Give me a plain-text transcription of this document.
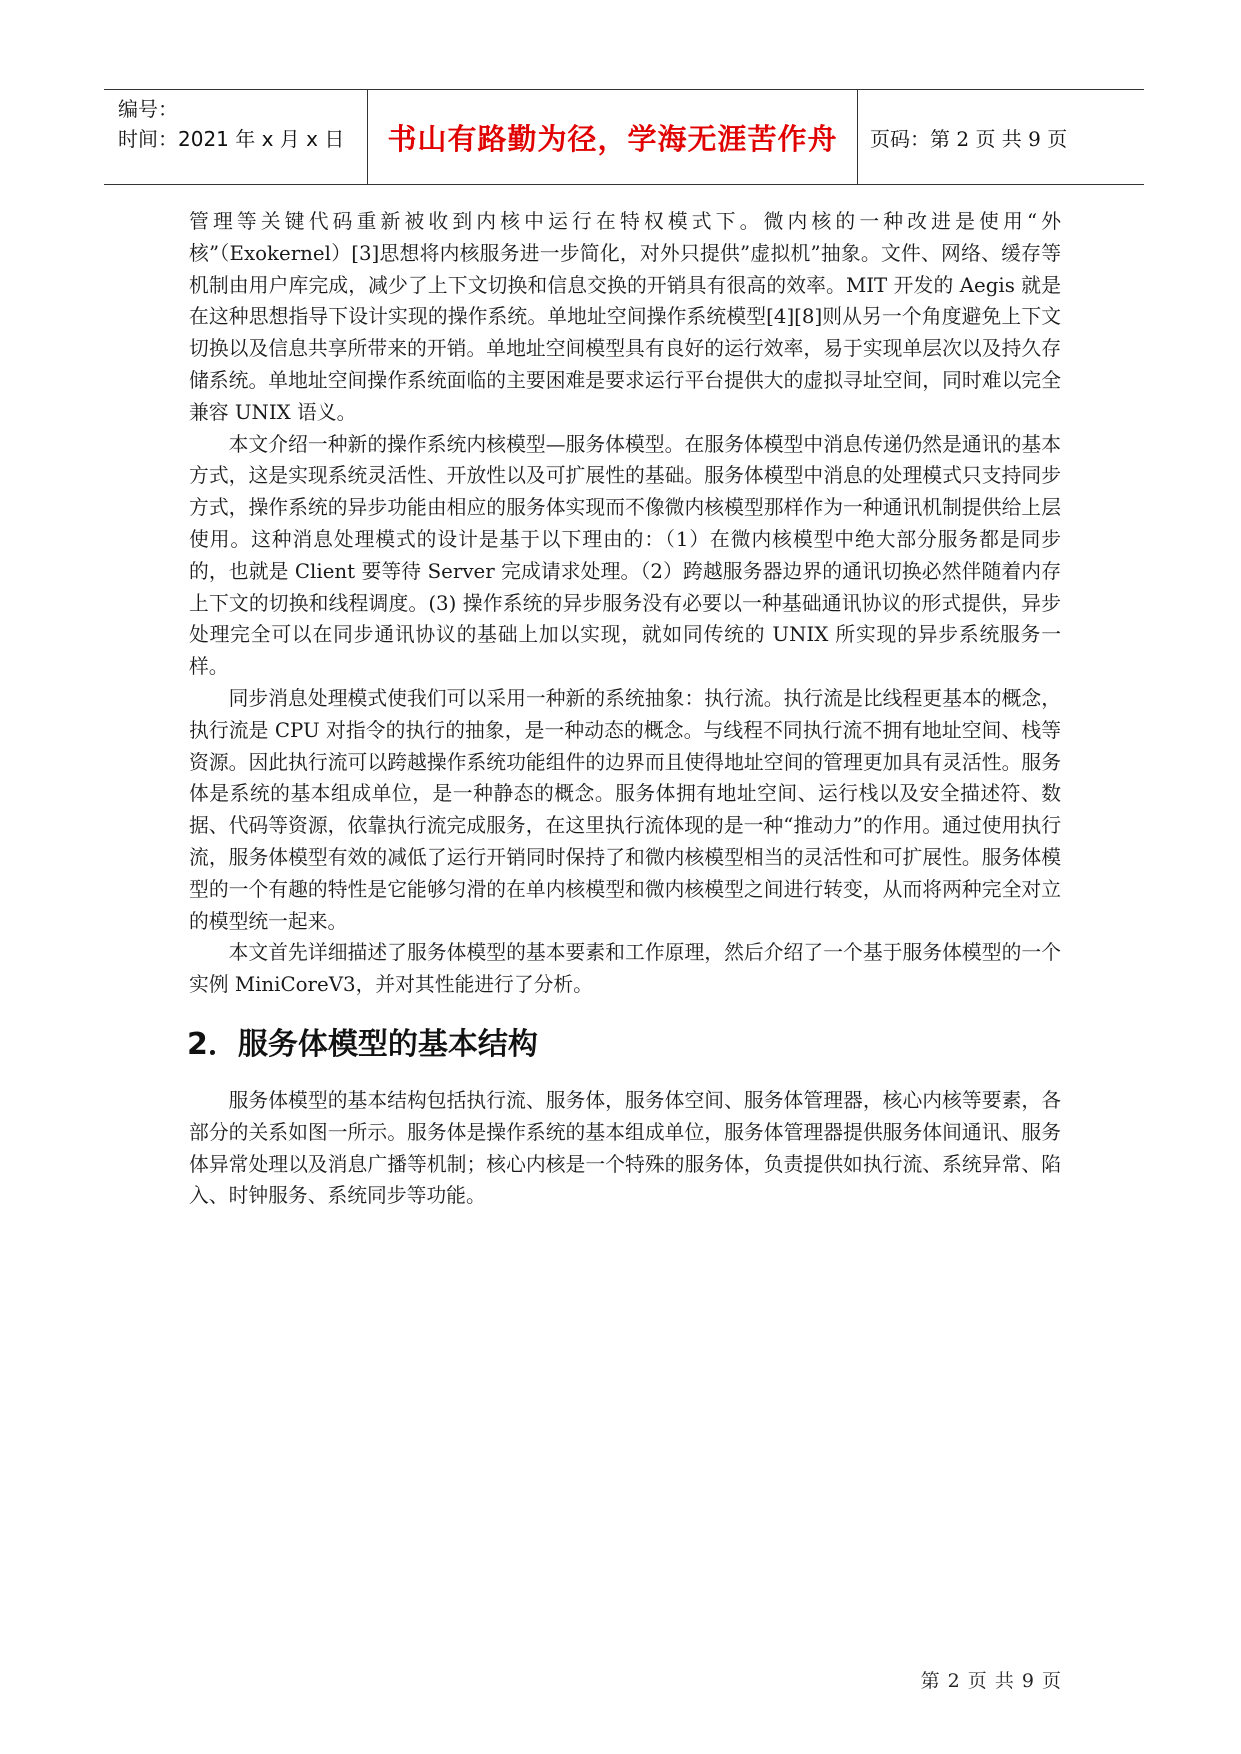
编号：
时间：2021 年 x 月 x 日	书山有路勤为径，学海无涯苦作舟	页码：第 2 页 共 9 页

管理等关键代码重新被收到内核中运行在特权模式下。微内核的一种改进是使用“外核”（Exokernel）[3]思想将内核服务进一步简化，对外只提供”虚拟机”抽象。文件、网络、缓存等机制由用户库完成，减少了上下文切换和信息交换的开销具有很高的效率。MIT 开发的 Aegis 就是在这种思想指导下设计实现的操作系统。单地址空间操作系统模型[4][8]则从另一个角度避免上下文切换以及信息共享所带来的开销。单地址空间模型具有良好的运行效率，易于实现单层次以及持久存储系统。单地址空间操作系统面临的主要困难是要求运行平台提供大的虚拟寻址空间，同时难以完全兼容 UNIX 语义。

本文介绍一种新的操作系统内核模型—服务体模型。在服务体模型中消息传递仍然是通讯的基本方式，这是实现系统灵活性、开放性以及可扩展性的基础。服务体模型中消息的处理模式只支持同步方式，操作系统的异步功能由相应的服务体实现而不像微内核模型那样作为一种通讯机制提供给上层使用。这种消息处理模式的设计是基于以下理由的：（1）在微内核模型中绝大部分服务都是同步的，也就是 Client 要等待 Server 完成请求处理。（2）跨越服务器边界的通讯切换必然伴随着内存上下文的切换和线程调度。(3) 操作系统的异步服务没有必要以一种基础通讯协议的形式提供，异步处理完全可以在同步通讯协议的基础上加以实现，就如同传统的 UNIX 所实现的异步系统服务一样。

同步消息处理模式使我们可以采用一种新的系统抽象：执行流。执行流是比线程更基本的概念，执行流是 CPU 对指令的执行的抽象，是一种动态的概念。与线程不同执行流不拥有地址空间、栈等资源。因此执行流可以跨越操作系统功能组件的边界而且使得地址空间的管理更加具有灵活性。服务体是系统的基本组成单位，是一种静态的概念。服务体拥有地址空间、运行栈以及安全描述符、数据、代码等资源，依靠执行流完成服务，在这里执行流体现的是一种“推动力”的作用。通过使用执行流，服务体模型有效的减低了运行开销同时保持了和微内核模型相当的灵活性和可扩展性。服务体模型的一个有趣的特性是它能够匀滑的在单内核模型和微内核模型之间进行转变，从而将两种完全对立的模型统一起来。

本文首先详细描述了服务体模型的基本要素和工作原理，然后介绍了一个基于服务体模型的一个实例 MiniCoreV3，并对其性能进行了分析。

2．服务体模型的基本结构

服务体模型的基本结构包括执行流、服务体，服务体空间、服务体管理器，核心内核等要素，各部分的关系如图一所示。服务体是操作系统的基本组成单位，服务体管理器提供服务体间通讯、服务体异常处理以及消息广播等机制；核心内核是一个特殊的服务体，负责提供如执行流、系统异常、陷入、时钟服务、系统同步等功能。

第 2 页 共 9 页
